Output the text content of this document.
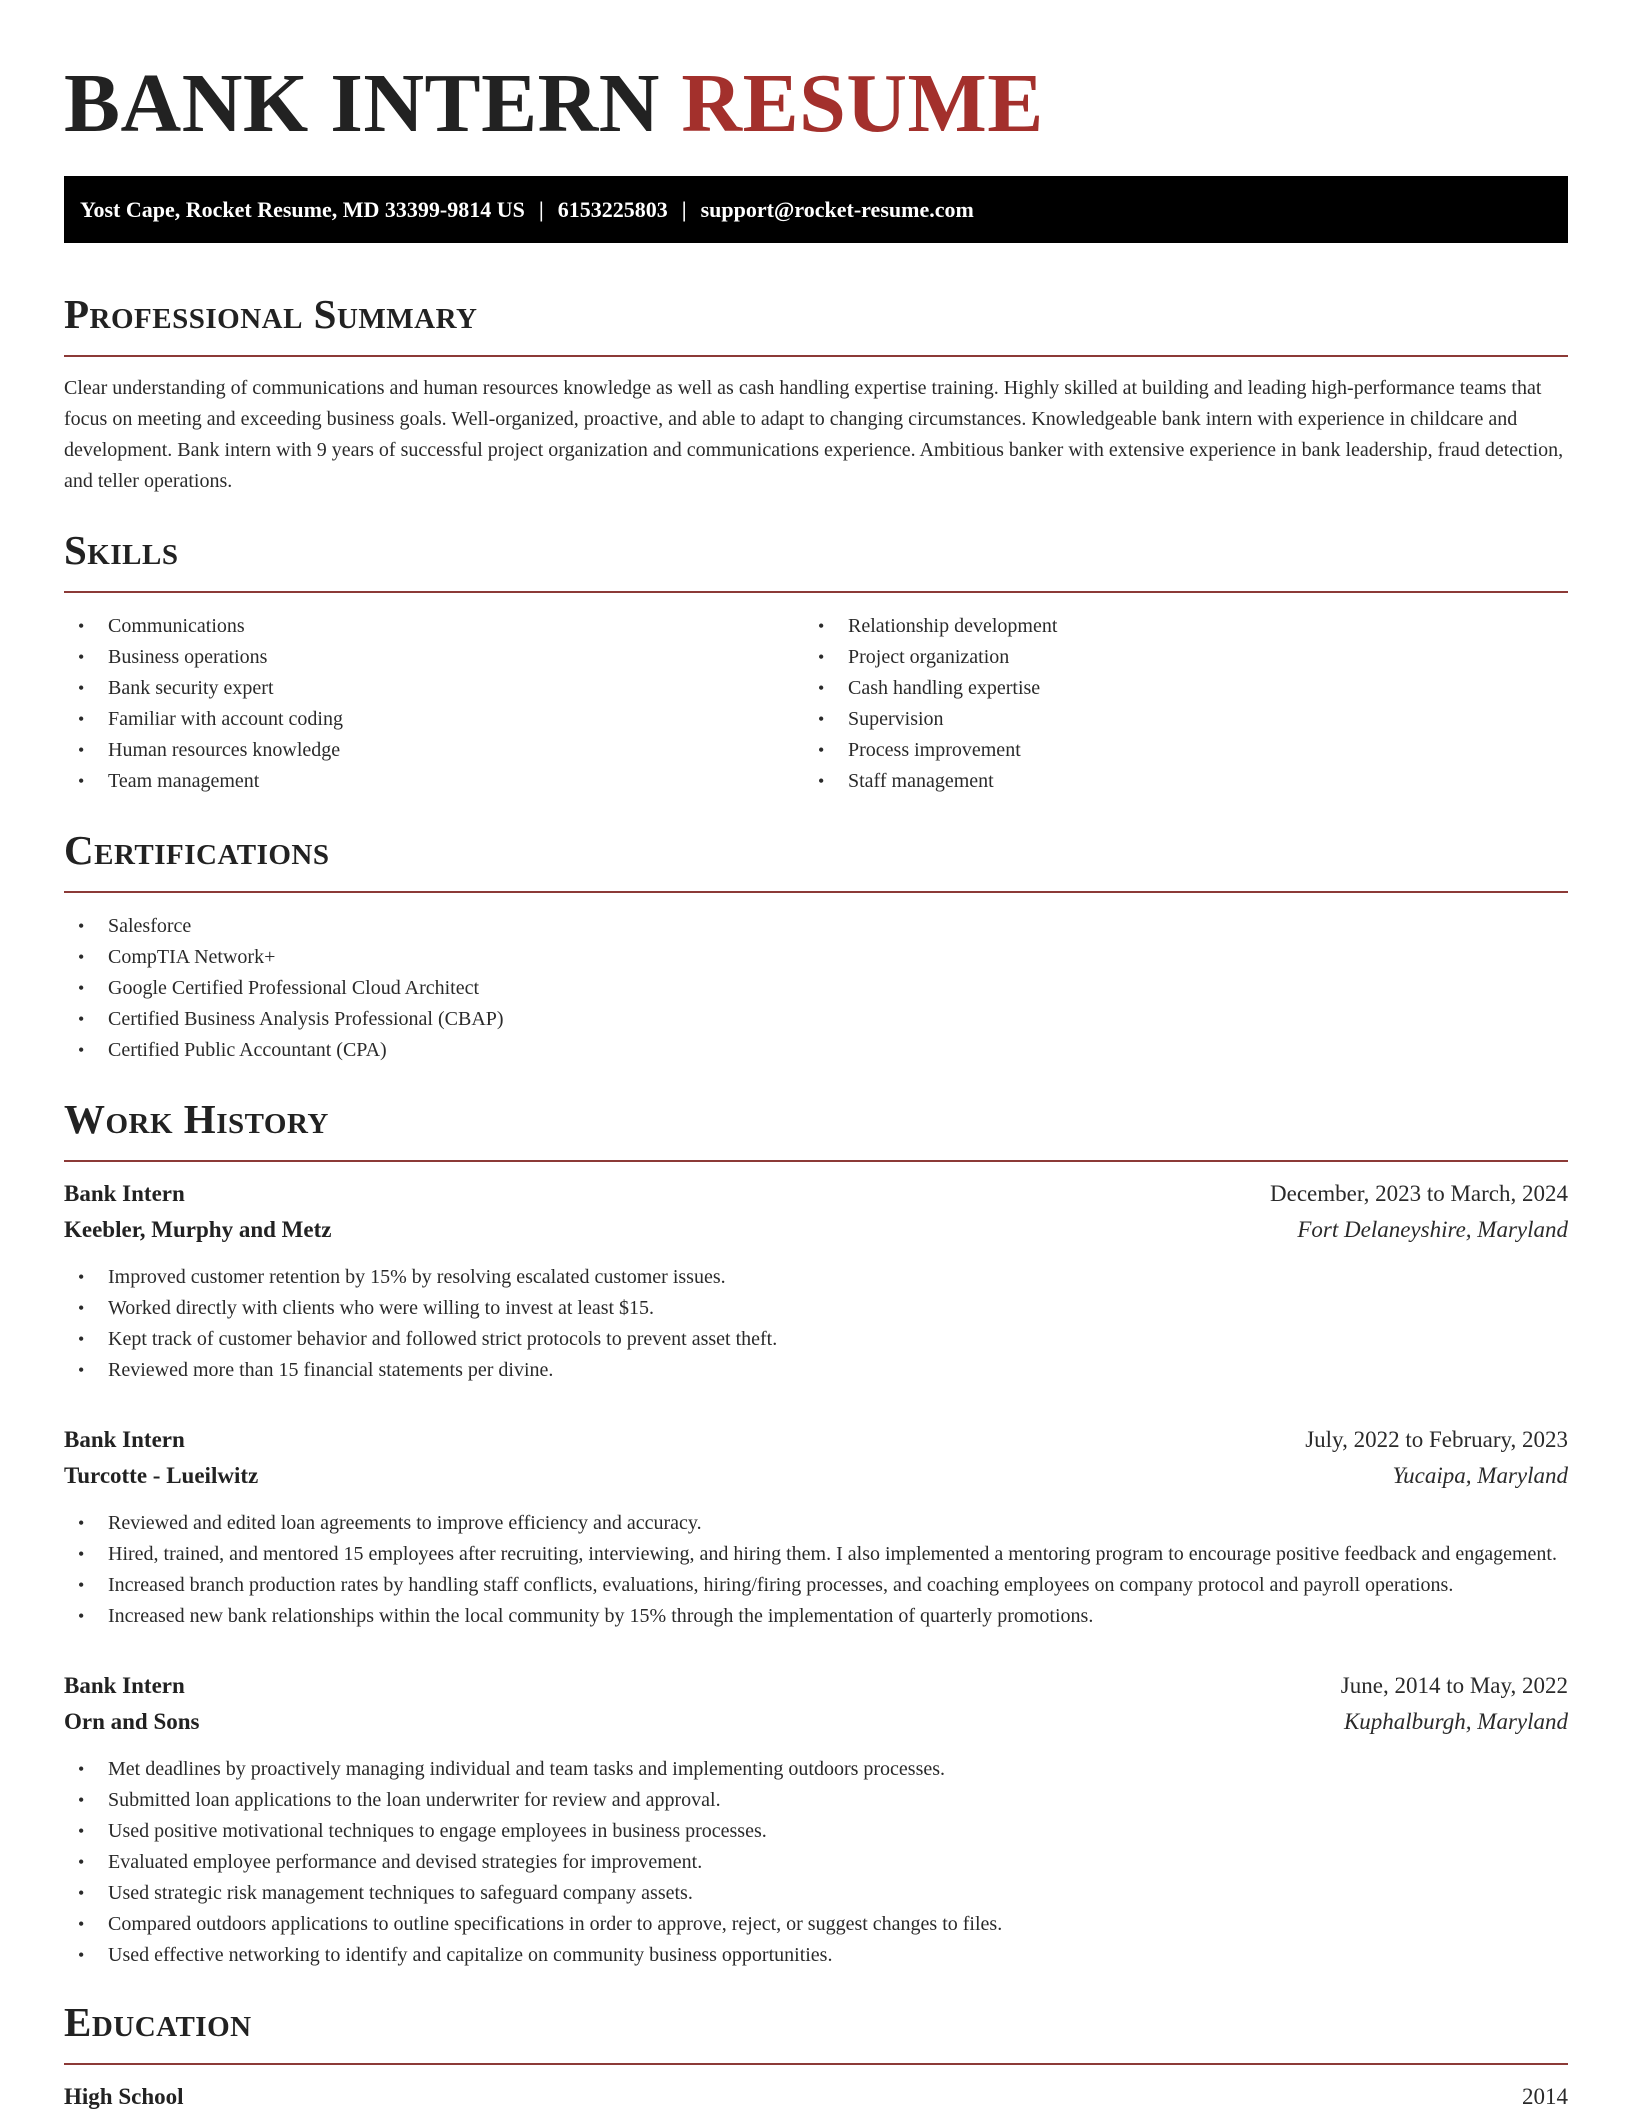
BANK INTERN RESUME
Yost Cape, Rocket Resume, MD 33399-9814 US | 6153225803 | support@rocket-resume.com
Professional Summary

Clear understanding of communications and human resources knowledge as well as cash handling expertise training. Highly skilled at building and leading high-performance teams that focus on meeting and exceeding business goals. Well-organized, proactive, and able to adapt to changing circumstances. Knowledgeable bank intern with experience in childcare and development. Bank intern with 9 years of successful project organization and communications experience. Ambitious banker with extensive experience in bank leadership, fraud detection, and teller operations.

Skills
• Communications
• Business operations
• Bank security expert
• Familiar with account coding
• Human resources knowledge
• Team management
• Relationship development
• Project organization
• Cash handling expertise
• Supervision
• Process improvement
• Staff management
Certifications
• Salesforce
• CompTIA Network+
• Google Certified Professional Cloud Architect
• Certified Business Analysis Professional (CBAP)
• Certified Public Accountant (CPA)
Work History
Bank Intern	December, 2023 to March, 2024
Keebler, Murphy and Metz	Fort Delaneyshire, Maryland
• Improved customer retention by 15% by resolving escalated customer issues.
• Worked directly with clients who were willing to invest at least $15.
• Kept track of customer behavior and followed strict protocols to prevent asset theft.
• Reviewed more than 15 financial statements per divine.
Bank Intern	July, 2022 to February, 2023
Turcotte - Lueilwitz	Yucaipa, Maryland
• Reviewed and edited loan agreements to improve efficiency and accuracy.
• Hired, trained, and mentored 15 employees after recruiting, interviewing, and hiring them. I also implemented a mentoring program to encourage positive feedback and engagement.
• Increased branch production rates by handling staff conflicts, evaluations, hiring/firing processes, and coaching employees on company protocol and payroll operations.
• Increased new bank relationships within the local community by 15% through the implementation of quarterly promotions.
Bank Intern	June, 2014 to May, 2022
Orn and Sons	Kuphalburgh, Maryland
• Met deadlines by proactively managing individual and team tasks and implementing outdoors processes.
• Submitted loan applications to the loan underwriter for review and approval.
• Used positive motivational techniques to engage employees in business processes.
• Evaluated employee performance and devised strategies for improvement.
• Used strategic risk management techniques to safeguard company assets.
• Compared outdoors applications to outline specifications in order to approve, reject, or suggest changes to files.
• Used effective networking to identify and capitalize on community business opportunities.
Education
High School	2014
